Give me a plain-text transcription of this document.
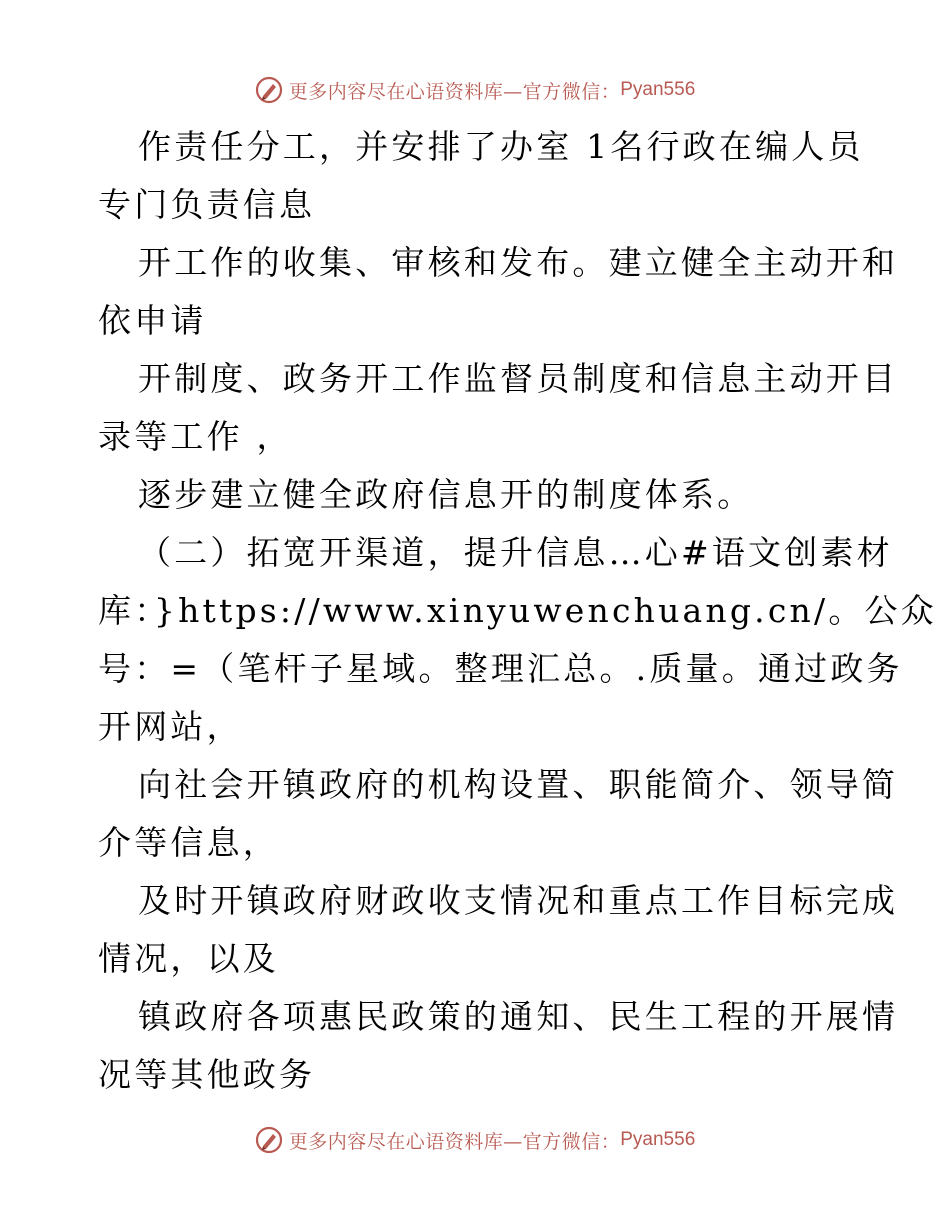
更多内容尽在心语资料库—官方微信： Pyan556
作责任分工，并安排了办室 1名行政在编人员
专门负责信息
开工作的收集、审核和发布。建立健全主动开和
依申请
开制度、政务开工作监督员制度和信息主动开目
录等工作 ，
逐步建立健全政府信息开的制度体系。
（二）拓宽开渠道，提升信息…心#语文创素材
库：}https://www.xinyuwenchuang.cn/。公众
号：=（笔杆子星域。整理汇总。.质量。通过政务
开网站，
向社会开镇政府的机构设置、职能简介、领导简
介等信息，
及时开镇政府财政收支情况和重点工作目标完成
情况，以及
镇政府各项惠民政策的通知、民生工程的开展情
况等其他政务
更多内容尽在心语资料库—官方微信： Pyan556
